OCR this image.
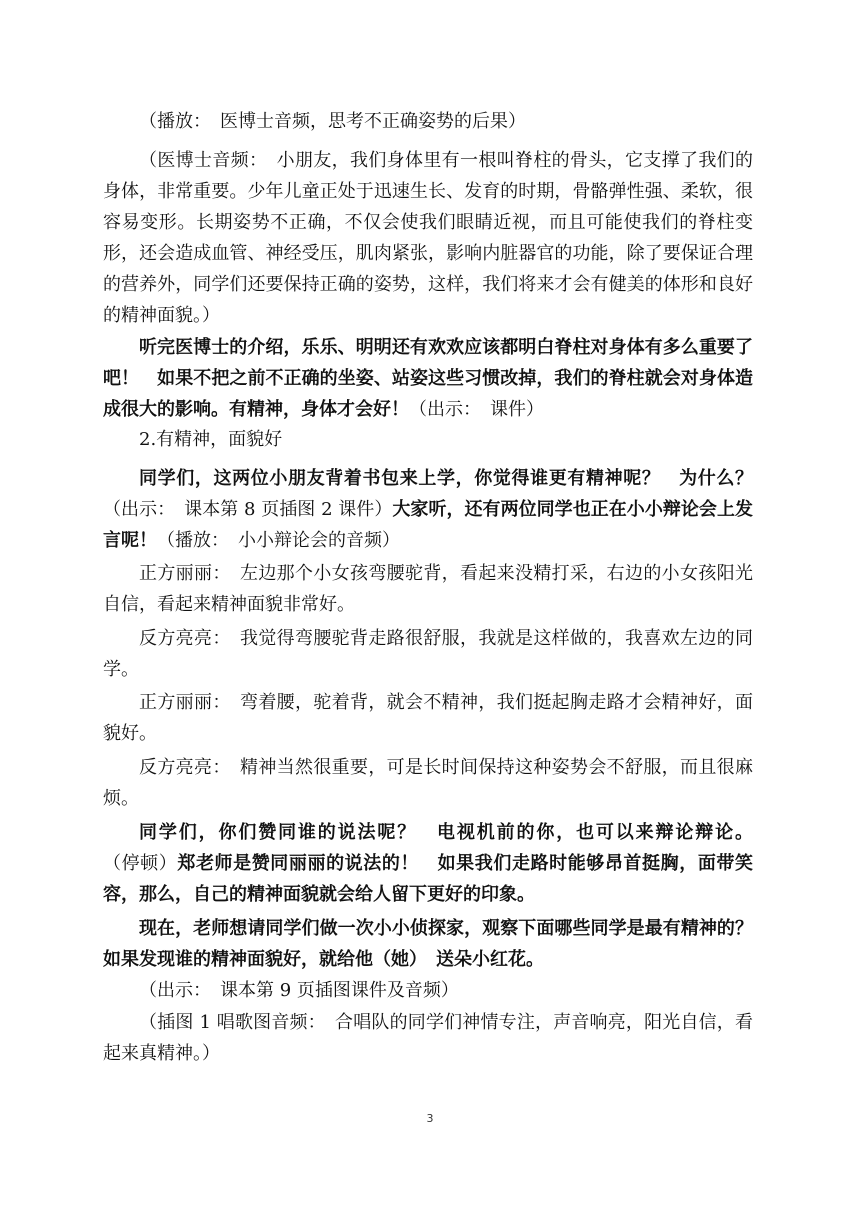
（播放：　医博士音频，思考不正确姿势的后果）

（医博士音频：　小朋友，我们身体里有一根叫脊柱的骨头，它支撑了我们的身体，非常重要。少年儿童正处于迅速生长、发育的时期，骨骼弹性强、柔软，很容易变形。长期姿势不正确，不仅会使我们眼睛近视，而且可能使我们的脊柱变形，还会造成血管、神经受压，肌肉紧张，影响内脏器官的功能，除了要保证合理的营养外，同学们还要保持正确的姿势，这样，我们将来才会有健美的体形和良好的精神面貌。）

听完医博士的介绍，乐乐、明明还有欢欢应该都明白脊柱对身体有多么重要了吧！　如果不把之前不正确的坐姿、站姿这些习惯改掉，我们的脊柱就会对身体造成很大的影响。有精神，身体才会好！（出示：　课件）

2.有精神，面貌好

同学们，这两位小朋友背着书包来上学，你觉得谁更有精神呢？　为什么？（出示：　课本第 8 页插图 2 课件）大家听，还有两位同学也正在小小辩论会上发言呢！（播放：　小小辩论会的音频）

正方丽丽：　左边那个小女孩弯腰驼背，看起来没精打采，右边的小女孩阳光自信，看起来精神面貌非常好。

反方亮亮：　我觉得弯腰驼背走路很舒服，我就是这样做的，我喜欢左边的同学。

正方丽丽：　弯着腰，驼着背，就会不精神，我们挺起胸走路才会精神好，面貌好。

反方亮亮：　精神当然很重要，可是长时间保持这种姿势会不舒服，而且很麻烦。

同学们，你们赞同谁的说法呢？　电视机前的你，也可以来辩论辩论。（停顿）郑老师是赞同丽丽的说法的！　如果我们走路时能够昂首挺胸，面带笑容，那么，自己的精神面貌就会给人留下更好的印象。

现在，老师想请同学们做一次小小侦探家，观察下面哪些同学是最有精神的？　如果发现谁的精神面貌好，就给他（她）　送朵小红花。

（出示：　课本第 9 页插图课件及音频）

（插图 1 唱歌图音频：　合唱队的同学们神情专注，声音响亮，阳光自信，看起来真精神。）

3
